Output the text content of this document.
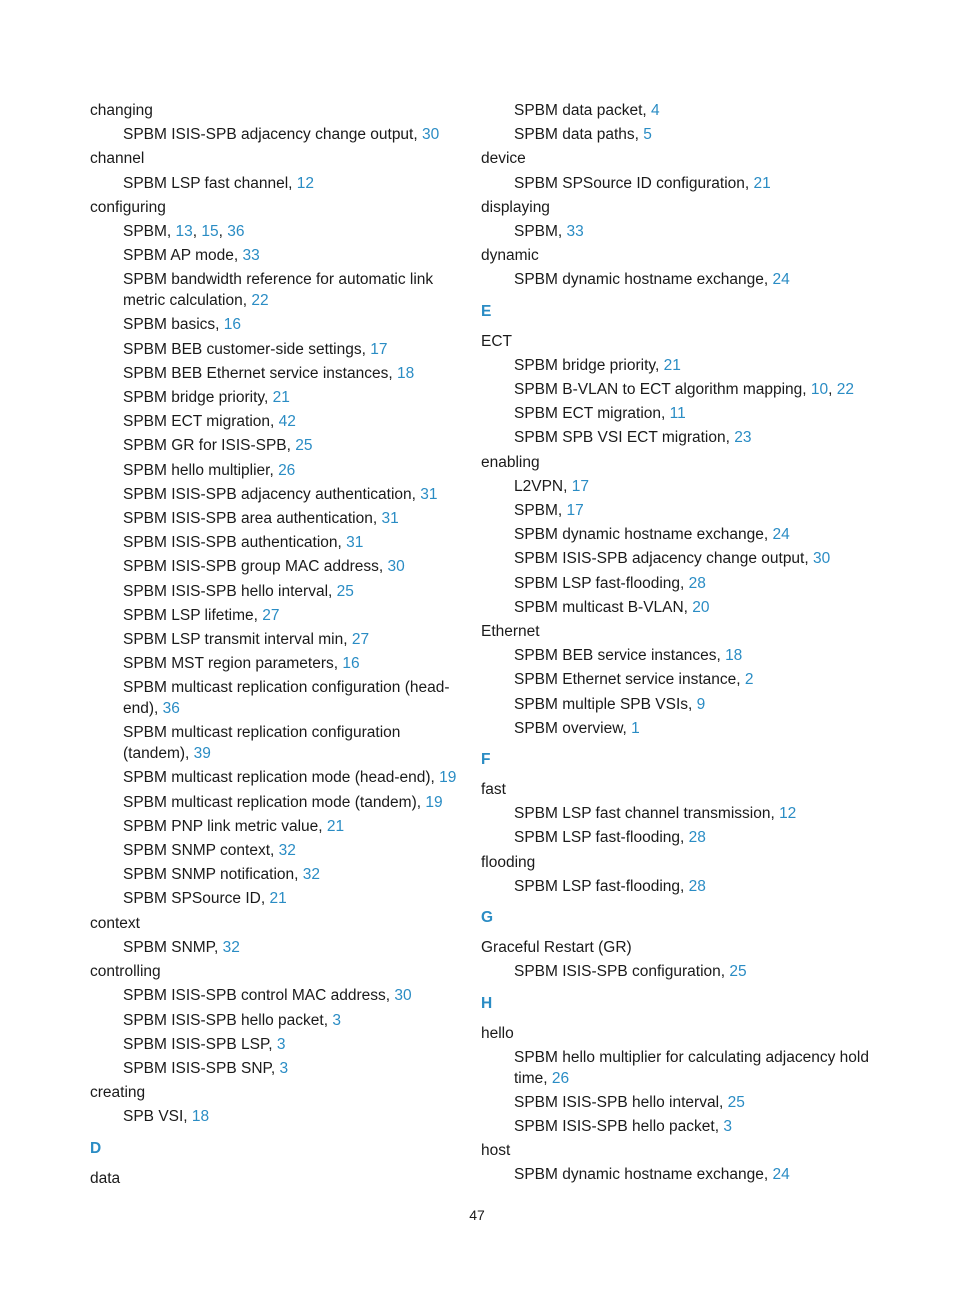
changing
SPBM ISIS-SPB adjacency change output, 30
channel
SPBM LSP fast channel, 12
configuring
SPBM, 13, 15, 36
SPBM AP mode, 33
SPBM bandwidth reference for automatic link metric calculation, 22
SPBM basics, 16
SPBM BEB customer-side settings, 17
SPBM BEB Ethernet service instances, 18
SPBM bridge priority, 21
SPBM ECT migration, 42
SPBM GR for ISIS-SPB, 25
SPBM hello multiplier, 26
SPBM ISIS-SPB adjacency authentication, 31
SPBM ISIS-SPB area authentication, 31
SPBM ISIS-SPB authentication, 31
SPBM ISIS-SPB group MAC address, 30
SPBM ISIS-SPB hello interval, 25
SPBM LSP lifetime, 27
SPBM LSP transmit interval min, 27
SPBM MST region parameters, 16
SPBM multicast replication configuration (head-end), 36
SPBM multicast replication configuration (tandem), 39
SPBM multicast replication mode (head-end), 19
SPBM multicast replication mode (tandem), 19
SPBM PNP link metric value, 21
SPBM SNMP context, 32
SPBM SNMP notification, 32
SPBM SPSource ID, 21
context
SPBM SNMP, 32
controlling
SPBM ISIS-SPB control MAC address, 30
SPBM ISIS-SPB hello packet, 3
SPBM ISIS-SPB LSP, 3
SPBM ISIS-SPB SNP, 3
creating
SPB VSI, 18
D
data
SPBM data packet, 4
SPBM data paths, 5
device
SPBM SPSource ID configuration, 21
displaying
SPBM, 33
dynamic
SPBM dynamic hostname exchange, 24
E
ECT
SPBM bridge priority, 21
SPBM B-VLAN to ECT algorithm mapping, 10, 22
SPBM ECT migration, 11
SPBM SPB VSI ECT migration, 23
enabling
L2VPN, 17
SPBM, 17
SPBM dynamic hostname exchange, 24
SPBM ISIS-SPB adjacency change output, 30
SPBM LSP fast-flooding, 28
SPBM multicast B-VLAN, 20
Ethernet
SPBM BEB service instances, 18
SPBM Ethernet service instance, 2
SPBM multiple SPB VSIs, 9
SPBM overview, 1
F
fast
SPBM LSP fast channel transmission, 12
SPBM LSP fast-flooding, 28
flooding
SPBM LSP fast-flooding, 28
G
Graceful Restart (GR)
SPBM ISIS-SPB configuration, 25
H
hello
SPBM hello multiplier for calculating adjacency hold time, 26
SPBM ISIS-SPB hello interval, 25
SPBM ISIS-SPB hello packet, 3
host
SPBM dynamic hostname exchange, 24
47
